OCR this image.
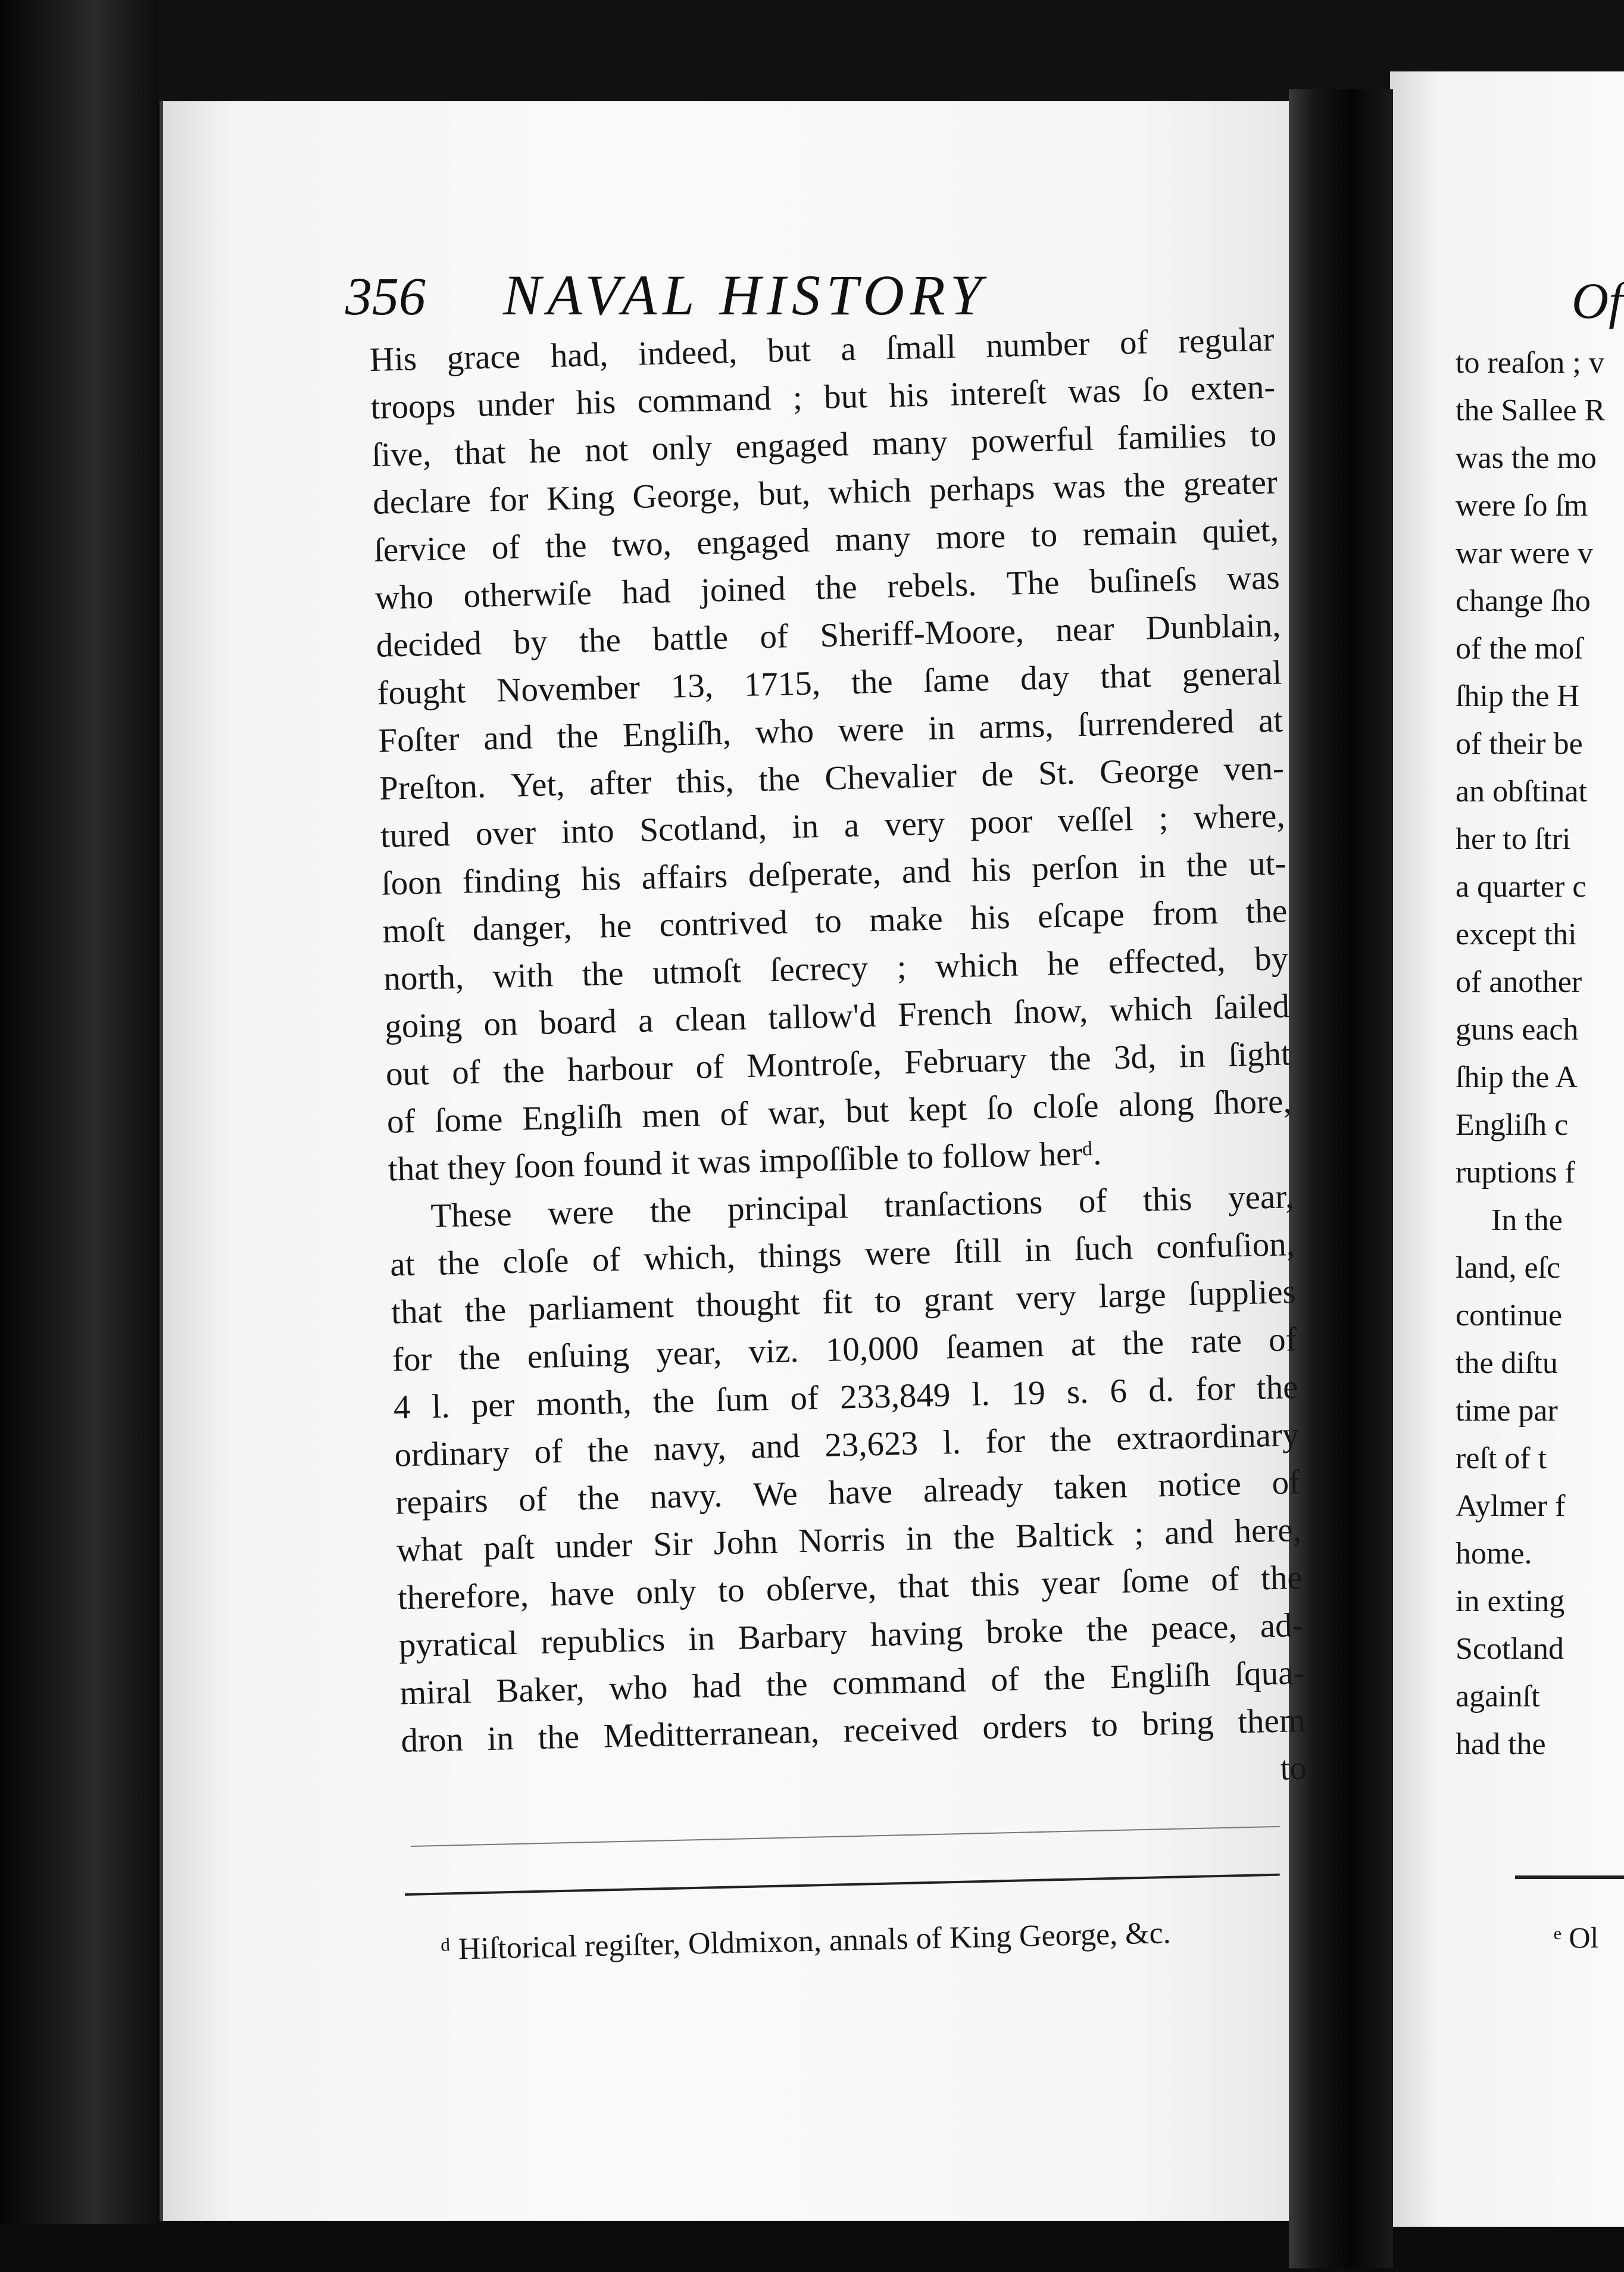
356 NAVAL HISTORY
His grace had, indeed, but a ſmall number of regular
troops under his command ; but his intereſt was ſo exten-
ſive, that he not only engaged many powerful families to
declare for King George, but, which perhaps was the greater
ſervice of the two, engaged many more to remain quiet,
who otherwiſe had joined the rebels. The buſineſs was
decided by the battle of Sheriff-Moore, near Dunblain,
fought November 13, 1715, the ſame day that general
Foſter and the Engliſh, who were in arms, ſurrendered at
Preſton. Yet, after this, the Chevalier de St. George ven-
tured over into Scotland, in a very poor veſſel ; where,
ſoon finding his affairs deſperate, and his perſon in the ut-
moſt danger, he contrived to make his eſcape from the
north, with the utmoſt ſecrecy ; which he effected, by
going on board a clean tallow'd French ſnow, which ſailed
out of the harbour of Montroſe, February the 3d, in ſight
of ſome Engliſh men of war, but kept ſo cloſe along ſhore,
that they ſoon found it was impoſſible to follow herᵈ.
These were the principal tranſactions of this year,
at the cloſe of which, things were ſtill in ſuch confuſion,
that the parliament thought fit to grant very large ſupplies
for the enſuing year, viz. 10,000 ſeamen at the rate of
4 l. per month, the ſum of 233,849 l. 19 s. 6 d. for the
ordinary of the navy, and 23,623 l. for the extraordinary
repairs of the navy. We have already taken notice of
what paſt under Sir John Norris in the Baltick ; and here,
therefore, have only to obſerve, that this year ſome of the
pyratical republics in Barbary having broke the peace, ad-
miral Baker, who had the command of the Engliſh ſqua-
dron in the Meditterranean, received orders to bring them
to
ᵈ Hiſtorical regiſter, Oldmixon, annals of King George, &c.
Of
to reaſon ; v
the Sallee R
was the mo
were ſo ſm
war were v
change ſho
of the moſ
ſhip the H
of their be
an obſtinat
her to ſtri
a quarter c
except thi
of another
guns each
ſhip the A
Engliſh c
ruptions f
In the
land, eſc
continue
the diſtu
time par
reſt of t
Aylmer f
home.
in exting
Scotland
againſt
had the
ᵉ Ol
